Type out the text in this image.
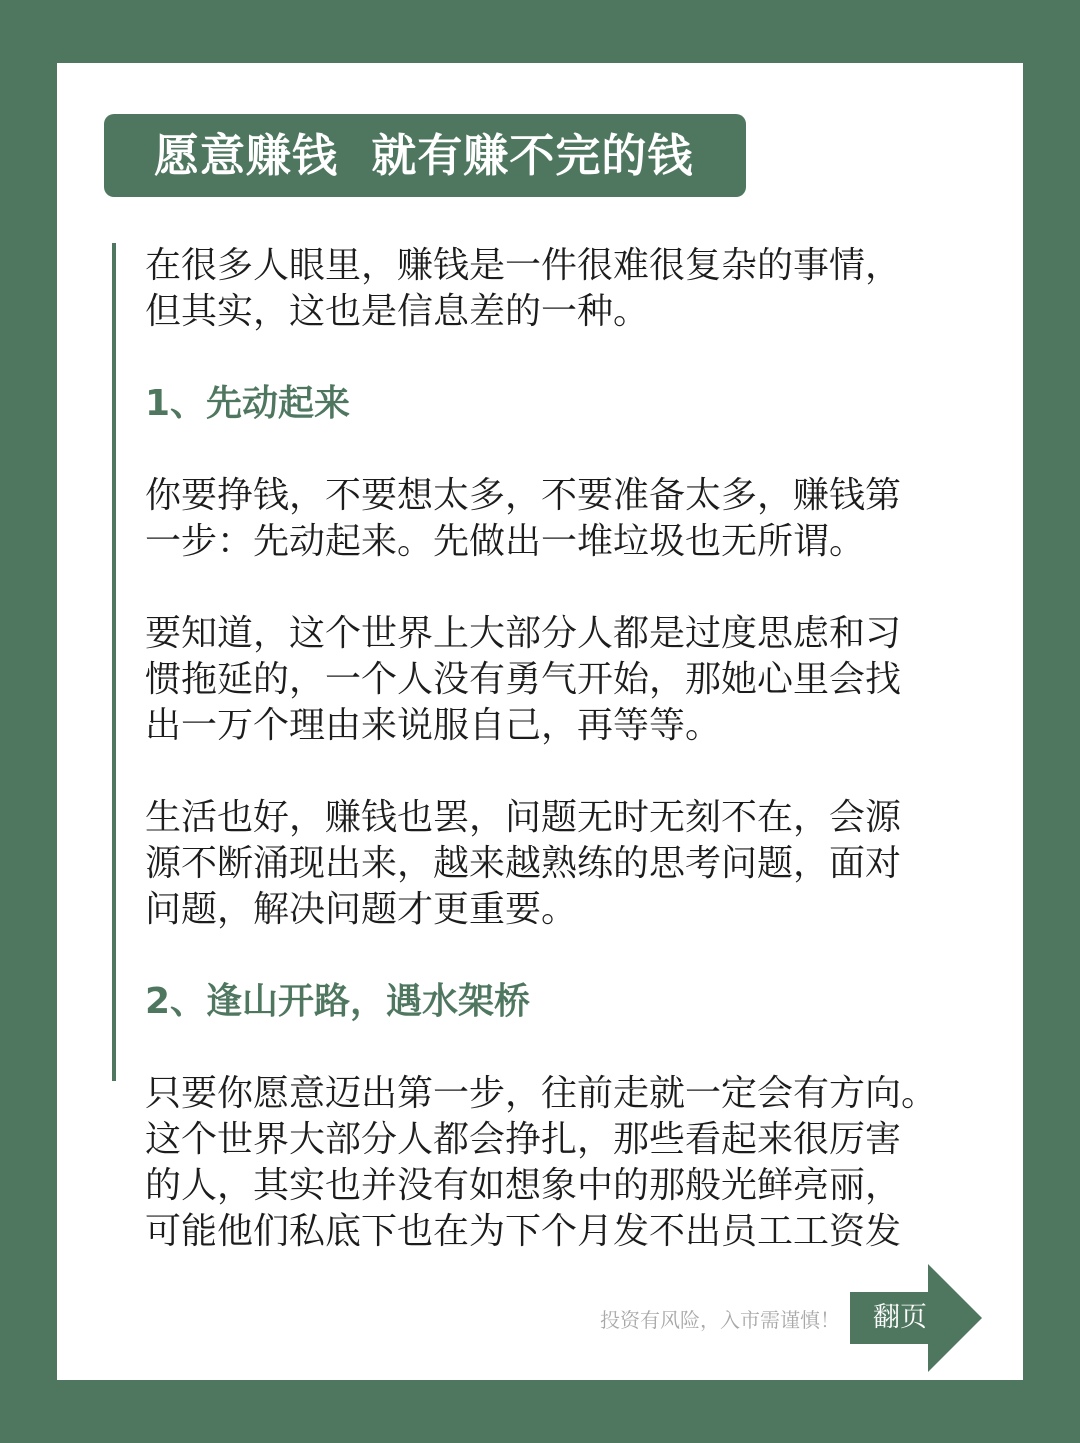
愿意赚钱  就有赚不完的钱

在很多人眼里，赚钱是一件很难很复杂的事情，
但其实，这也是信息差的一种。

1、先动起来

你要挣钱，不要想太多，不要准备太多，赚钱第
一步：先动起来。先做出一堆垃圾也无所谓。

要知道，这个世界上大部分人都是过度思虑和习
惯拖延的，一个人没有勇气开始，那她心里会找
出一万个理由来说服自己，再等等。

生活也好，赚钱也罢，问题无时无刻不在，会源
源不断涌现出来，越来越熟练的思考问题，面对
问题，解决问题才更重要。

2、逢山开路，遇水架桥

只要你愿意迈出第一步，往前走就一定会有方向。
这个世界大部分人都会挣扎，那些看起来很厉害
的人，其实也并没有如想象中的那般光鲜亮丽，
可能他们私底下也在为下个月发不出员工工资发

投资有风险，入市需谨慎！	翻页
